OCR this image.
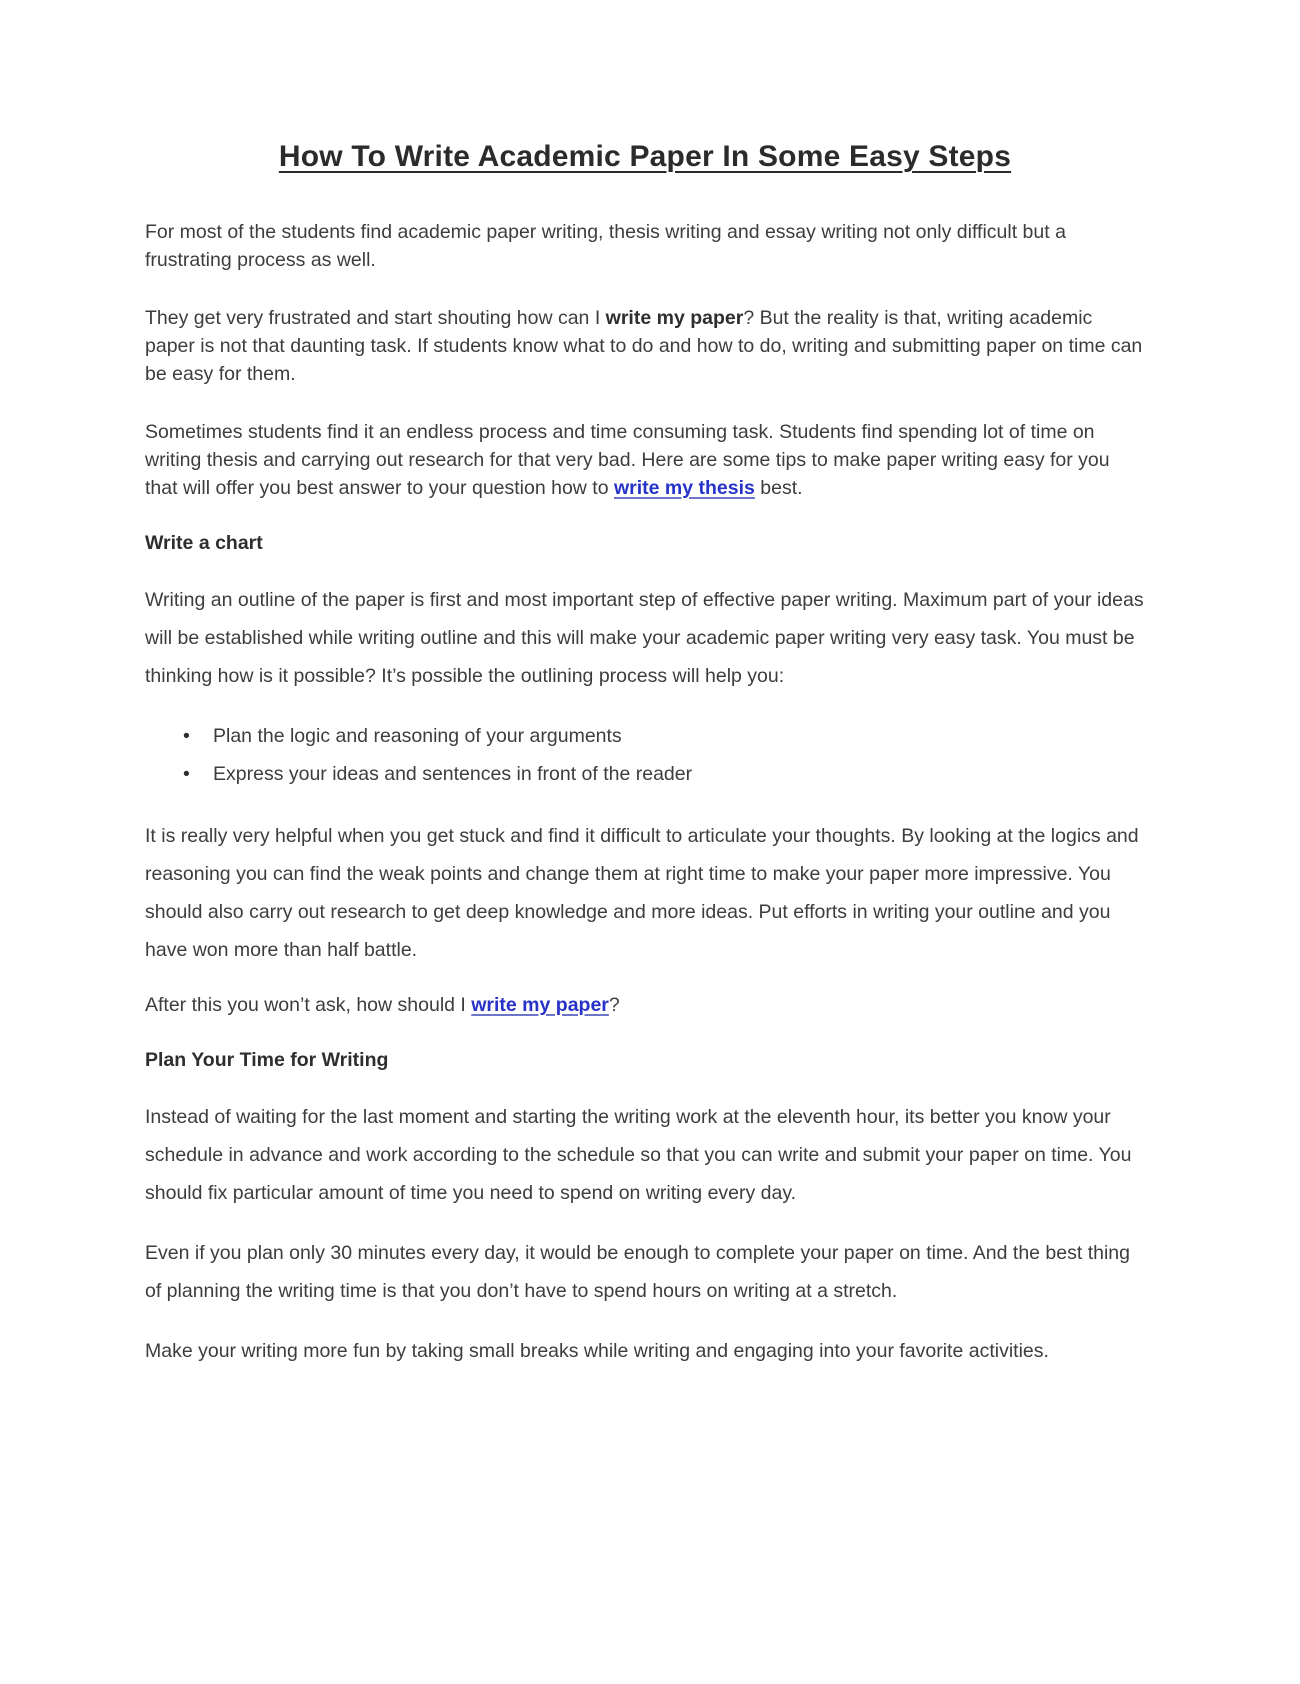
How To Write Academic Paper In Some Easy Steps

For most of the students find academic paper writing, thesis writing and essay writing not only difficult but a frustrating process as well.

They get very frustrated and start shouting how can I write my paper? But the reality is that, writing academic paper is not that daunting task. If students know what to do and how to do, writing and submitting paper on time can be easy for them.

Sometimes students find it an endless process and time consuming task. Students find spending lot of time on writing thesis and carrying out research for that very bad. Here are some tips to make paper writing easy for you that will offer you best answer to your question how to write my thesis best.

Write a chart

Writing an outline of the paper is first and most important step of effective paper writing. Maximum part of your ideas will be established while writing outline and this will make your academic paper writing very easy task. You must be thinking how is it possible? It’s possible the outlining process will help you:

• Plan the logic and reasoning of your arguments
• Express your ideas and sentences in front of the reader

It is really very helpful when you get stuck and find it difficult to articulate your thoughts. By looking at the logics and reasoning you can find the weak points and change them at right time to make your paper more impressive. You should also carry out research to get deep knowledge and more ideas. Put efforts in writing your outline and you have won more than half battle.

After this you won’t ask, how should I write my paper?

Plan Your Time for Writing

Instead of waiting for the last moment and starting the writing work at the eleventh hour, its better you know your schedule in advance and work according to the schedule so that you can write and submit your paper on time. You should fix particular amount of time you need to spend on writing every day.

Even if you plan only 30 minutes every day, it would be enough to complete your paper on time. And the best thing of planning the writing time is that you don’t have to spend hours on writing at a stretch.

Make your writing more fun by taking small breaks while writing and engaging into your favorite activities.
